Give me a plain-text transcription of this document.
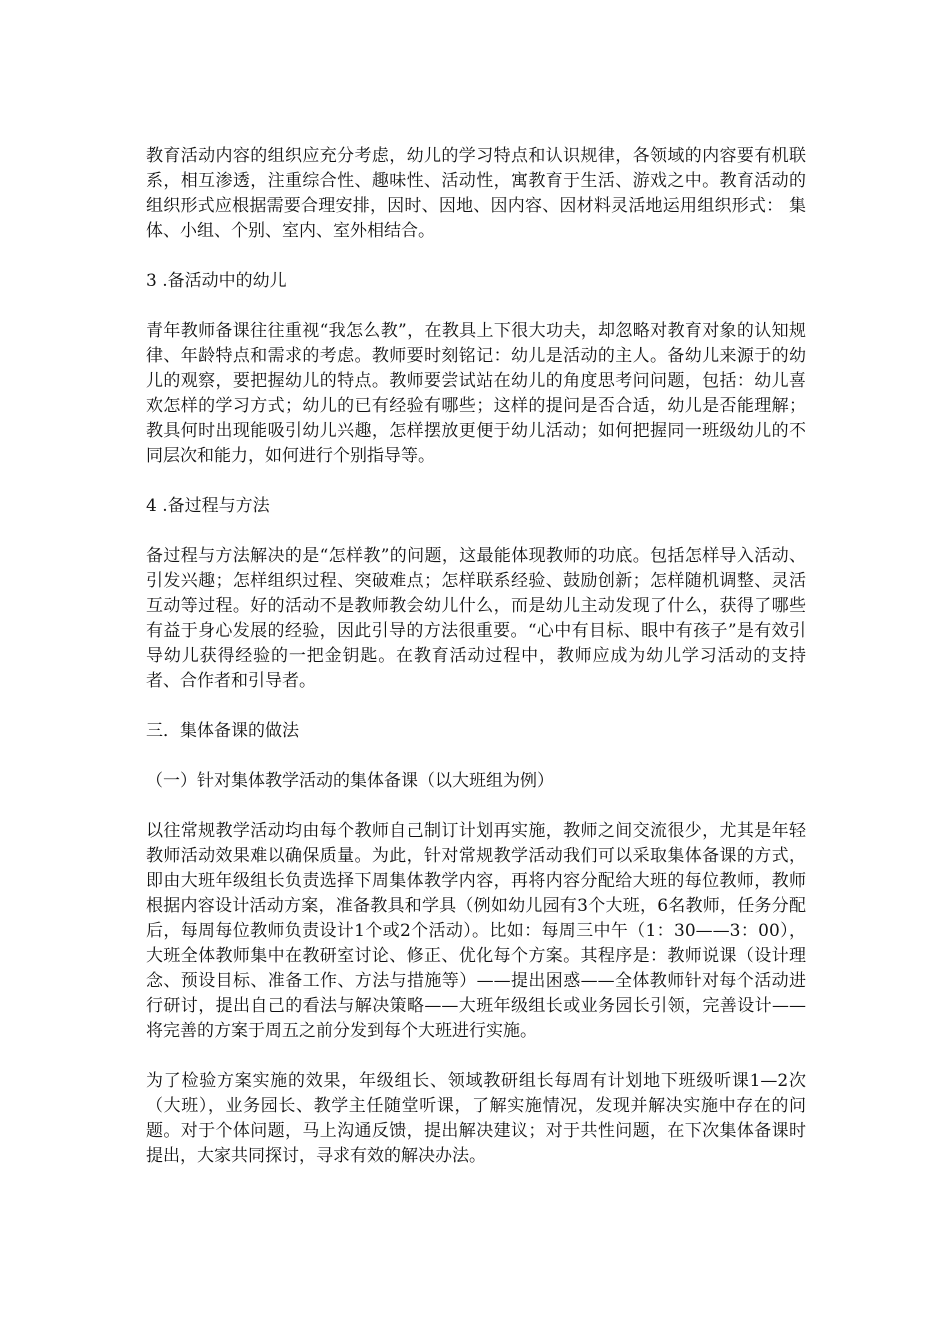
教育活动内容的组织应充分考虑，幼儿的学习特点和认识规律，各领域的内容要有机联系，相互渗透，注重综合性、趣味性、活动性，寓教育于生活、游戏之中。教育活动的组织形式应根据需要合理安排，因时、因地、因内容、因材料灵活地运用组织形式： 集体、小组、个别、室内、室外相结合。

3 .备活动中的幼儿

青年教师备课往往重视“我怎么教”，在教具上下很大功夫，却忽略对教育对象的认知规律、年龄特点和需求的考虑。教师要时刻铭记：幼儿是活动的主人。备幼儿来源于的幼儿的观察，要把握幼儿的特点。教师要尝试站在幼儿的角度思考问问题，包括：幼儿喜欢怎样的学习方式；幼儿的已有经验有哪些；这样的提问是否合适，幼儿是否能理解；教具何时出现能吸引幼儿兴趣，怎样摆放更便于幼儿活动；如何把握同一班级幼儿的不同层次和能力，如何进行个别指导等。

4 .备过程与方法

备过程与方法解决的是“怎样教”的问题，这最能体现教师的功底。包括怎样导入活动、引发兴趣；怎样组织过程、突破难点；怎样联系经验、鼓励创新；怎样随机调整、灵活互动等过程。好的活动不是教师教会幼儿什么，而是幼儿主动发现了什么，获得了哪些有益于身心发展的经验，因此引导的方法很重要。“心中有目标、眼中有孩子”是有效引导幼儿获得经验的一把金钥匙。在教育活动过程中，教师应成为幼儿学习活动的支持者、合作者和引导者。

三．集体备课的做法

（一）针对集体教学活动的集体备课（以大班组为例）

以往常规教学活动均由每个教师自己制订计划再实施，教师之间交流很少，尤其是年轻教师活动效果难以确保质量。为此，针对常规教学活动我们可以采取集体备课的方式，即由大班年级组长负责选择下周集体教学内容，再将内容分配给大班的每位教师，教师根据内容设计活动方案，准备教具和学具（例如幼儿园有3个大班，6名教师，任务分配后，每周每位教师负责设计1个或2个活动）。比如：每周三中午（1：30——3：00），大班全体教师集中在教研室讨论、修正、优化每个方案。其程序是：教师说课（设计理念、预设目标、准备工作、方法与措施等）——提出困惑——全体教师针对每个活动进行研讨，提出自己的看法与解决策略——大班年级组长或业务园长引领，完善设计——将完善的方案于周五之前分发到每个大班进行实施。

为了检验方案实施的效果，年级组长、领域教研组长每周有计划地下班级听课1—2次（大班），业务园长、教学主任随堂听课，了解实施情况，发现并解决实施中存在的问题。对于个体问题，马上沟通反馈，提出解决建议；对于共性问题，在下次集体备课时提出，大家共同探讨，寻求有效的解决办法。
